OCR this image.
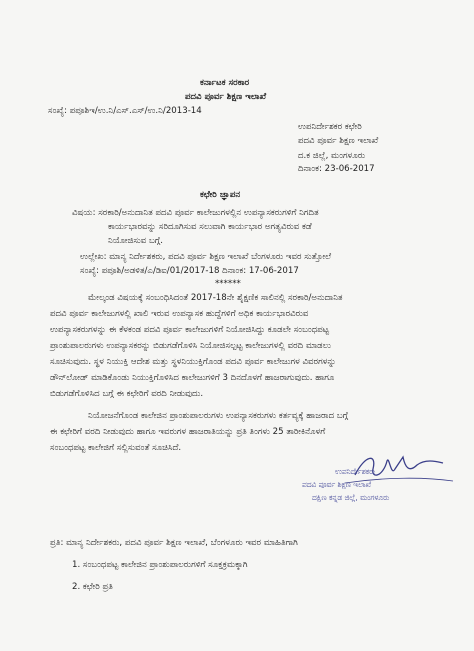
ಕರ್ನಾಟಕ ಸರಕಾರ
ಪದವಿ ಪೂರ್ವ ಶಿಕ್ಷಣ ಇಲಾಖೆ
ಸಂಖ್ಯೆ: ಪಪೂಶಿಇ/ಉ.ನಿ/ಎಸ್.ಎಸ್/ಉ.ನಿ/2013-14
ಉಪನಿರ್ದೇಶಕರ ಕಛೇರಿ
ಪದವಿ ಪೂರ್ವ ಶಿಕ್ಷಣ ಇಲಾಖೆ
ದ.ಕ ಜಿಲ್ಲೆ, ಮಂಗಳೂರು
ದಿನಾಂಕ: 23-06-2017
ಕಛೇರಿ ಜ್ಞಾಪನ
ವಿಷಯ: ಸರಕಾರಿ/ಅನುದಾನಿತ ಪದವಿ ಪೂರ್ವ ಕಾಲೇಜುಗಳಲ್ಲಿನ ಉಪನ್ಯಾಸಕರುಗಳಿಗೆ ನಿಗದಿತ
ಕಾರ್ಯಭಾರವನ್ನು ಸರಿದೂಗಿಸುವ ಸಲುವಾಗಿ ಕಾರ್ಯಭಾರ ಅಗತ್ಯವಿರುವ ಕಡೆ
ನಿಯೋಜಿಸುವ ಬಗ್ಗೆ.
ಉಲ್ಲೇಖ: ಮಾನ್ಯ ನಿರ್ದೇಶಕರು, ಪದವಿ ಪೂರ್ವ ಶಿಕ್ಷಣ ಇಲಾಖೆ ಬೆಂಗಳೂರು ಇವರ ಸುತ್ತೋಲೆ
ಸಂಖ್ಯೆ: ಪಪೂಶಿ/ಅಡಳಿತ/ಎ/ಡಿಐ/01/2017-18 ದಿನಾಂಕ: 17-06-2017
******
ಮೇಲ್ಕಂಡ ವಿಷಯಕ್ಕೆ ಸಂಬಂಧಿಸಿದಂತೆ 2017-18ನೇ ಶೈಕ್ಷಣಿಕ ಸಾಲಿನಲ್ಲಿ ಸರಕಾರಿ/ಅನುದಾನಿತ
ಪದವಿ ಪೂರ್ವ ಕಾಲೇಜುಗಳಲ್ಲಿ ಖಾಲಿ ಇರುವ ಉಪನ್ಯಾಸಕ ಹುದ್ದೆಗಳಿಗೆ ಅಧಿಕ ಕಾರ್ಯಭಾರವಿರುವ
ಉಪನ್ಯಾಸಕರುಗಳನ್ನು ಈ ಕೆಳಕಂಡ ಪದವಿ ಪೂರ್ವ ಕಾಲೇಜುಗಳಿಗೆ ನಿಯೋಜಿಸಿದ್ದು ಕೂಡಲೇ ಸಂಬಂಧಪಟ್ಟ
ಪ್ರಾಂಶುಪಾಲರುಗಳು ಉಪನ್ಯಾಸಕರನ್ನು ಬಿಡುಗಡೆಗೊಳಿಸಿ ನಿಯೋಜಿಸಲ್ಪಟ್ಟ ಕಾಲೇಜುಗಳಲ್ಲಿ ವರದಿ ಮಾಡಲು
ಸೂಚಿಸುವುದು. ಸ್ಥಳ ನಿಯುಕ್ತಿ ಆದೇಶ ಮತ್ತು ಸ್ಥಳನಿಯುಕ್ತಿಗೊಂಡ ಪದವಿ ಪೂರ್ವ ಕಾಲೇಜುಗಳ ವಿವರಗಳನ್ನು
ಡೌನ್‌ಲೋಡ್ ಮಾಡಿಕೊಂಡು ನಿಯುಕ್ತಿಗೊಳಿಸಿದ ಕಾಲೇಜುಗಳಿಗೆ 3 ದಿನದೊಳಗೆ ಹಾಜರಾಗುವುದು. ಹಾಗೂ
ಬಿಡುಗಡೆಗೊಳಿಸಿದ ಬಗ್ಗೆ ಈ ಕಛೇರಿಗೆ ವರದಿ ನೀಡುವುದು.
ನಿಯೋಜನೆಗೊಂಡ ಕಾಲೇಜಿನ ಪ್ರಾಂಶುಪಾಲರುಗಳು ಉಪನ್ಯಾಸಕರುಗಳು ಕರ್ತವ್ಯಕ್ಕೆ ಹಾಜರಾದ ಬಗ್ಗೆ
ಈ ಕಛೇರಿಗೆ ವರದಿ ನೀಡುವುದು ಹಾಗೂ ಇವರುಗಳ ಹಾಜರಾತಿಯನ್ನು ಪ್ರತಿ ತಿಂಗಳು 25 ತಾರೀಕಿನೊಳಗೆ
ಸಂಬಂಧಪಟ್ಟ ಕಾಲೇಜಿಗೆ ಸಲ್ಲಿಸುವಂತೆ ಸೂಚಿಸಿದೆ.
ಉಪನಿರ್ದೇಶಕರು
ಪದವಿ ಪೂರ್ವ ಶಿಕ್ಷಣ ಇಲಾಖೆ
ದಕ್ಷಿಣ ಕನ್ನಡ ಜಿಲ್ಲೆ, ಮಂಗಳೂರು
ಪ್ರತಿ: ಮಾನ್ಯ ನಿರ್ದೇಶಕರು, ಪದವಿ ಪೂರ್ವ ಶಿಕ್ಷಣ ಇಲಾಖೆ, ಬೆಂಗಳೂರು ಇವರ ಮಾಹಿತಿಗಾಗಿ
1. ಸಂಬಂಧಪಟ್ಟ ಕಾಲೇಜಿನ ಪ್ರಾಂಶುಪಾಲರುಗಳಿಗೆ ಸೂಕ್ತಕ್ರಮಕ್ಕಾಗಿ
2. ಕಛೇರಿ ಪ್ರತಿ
